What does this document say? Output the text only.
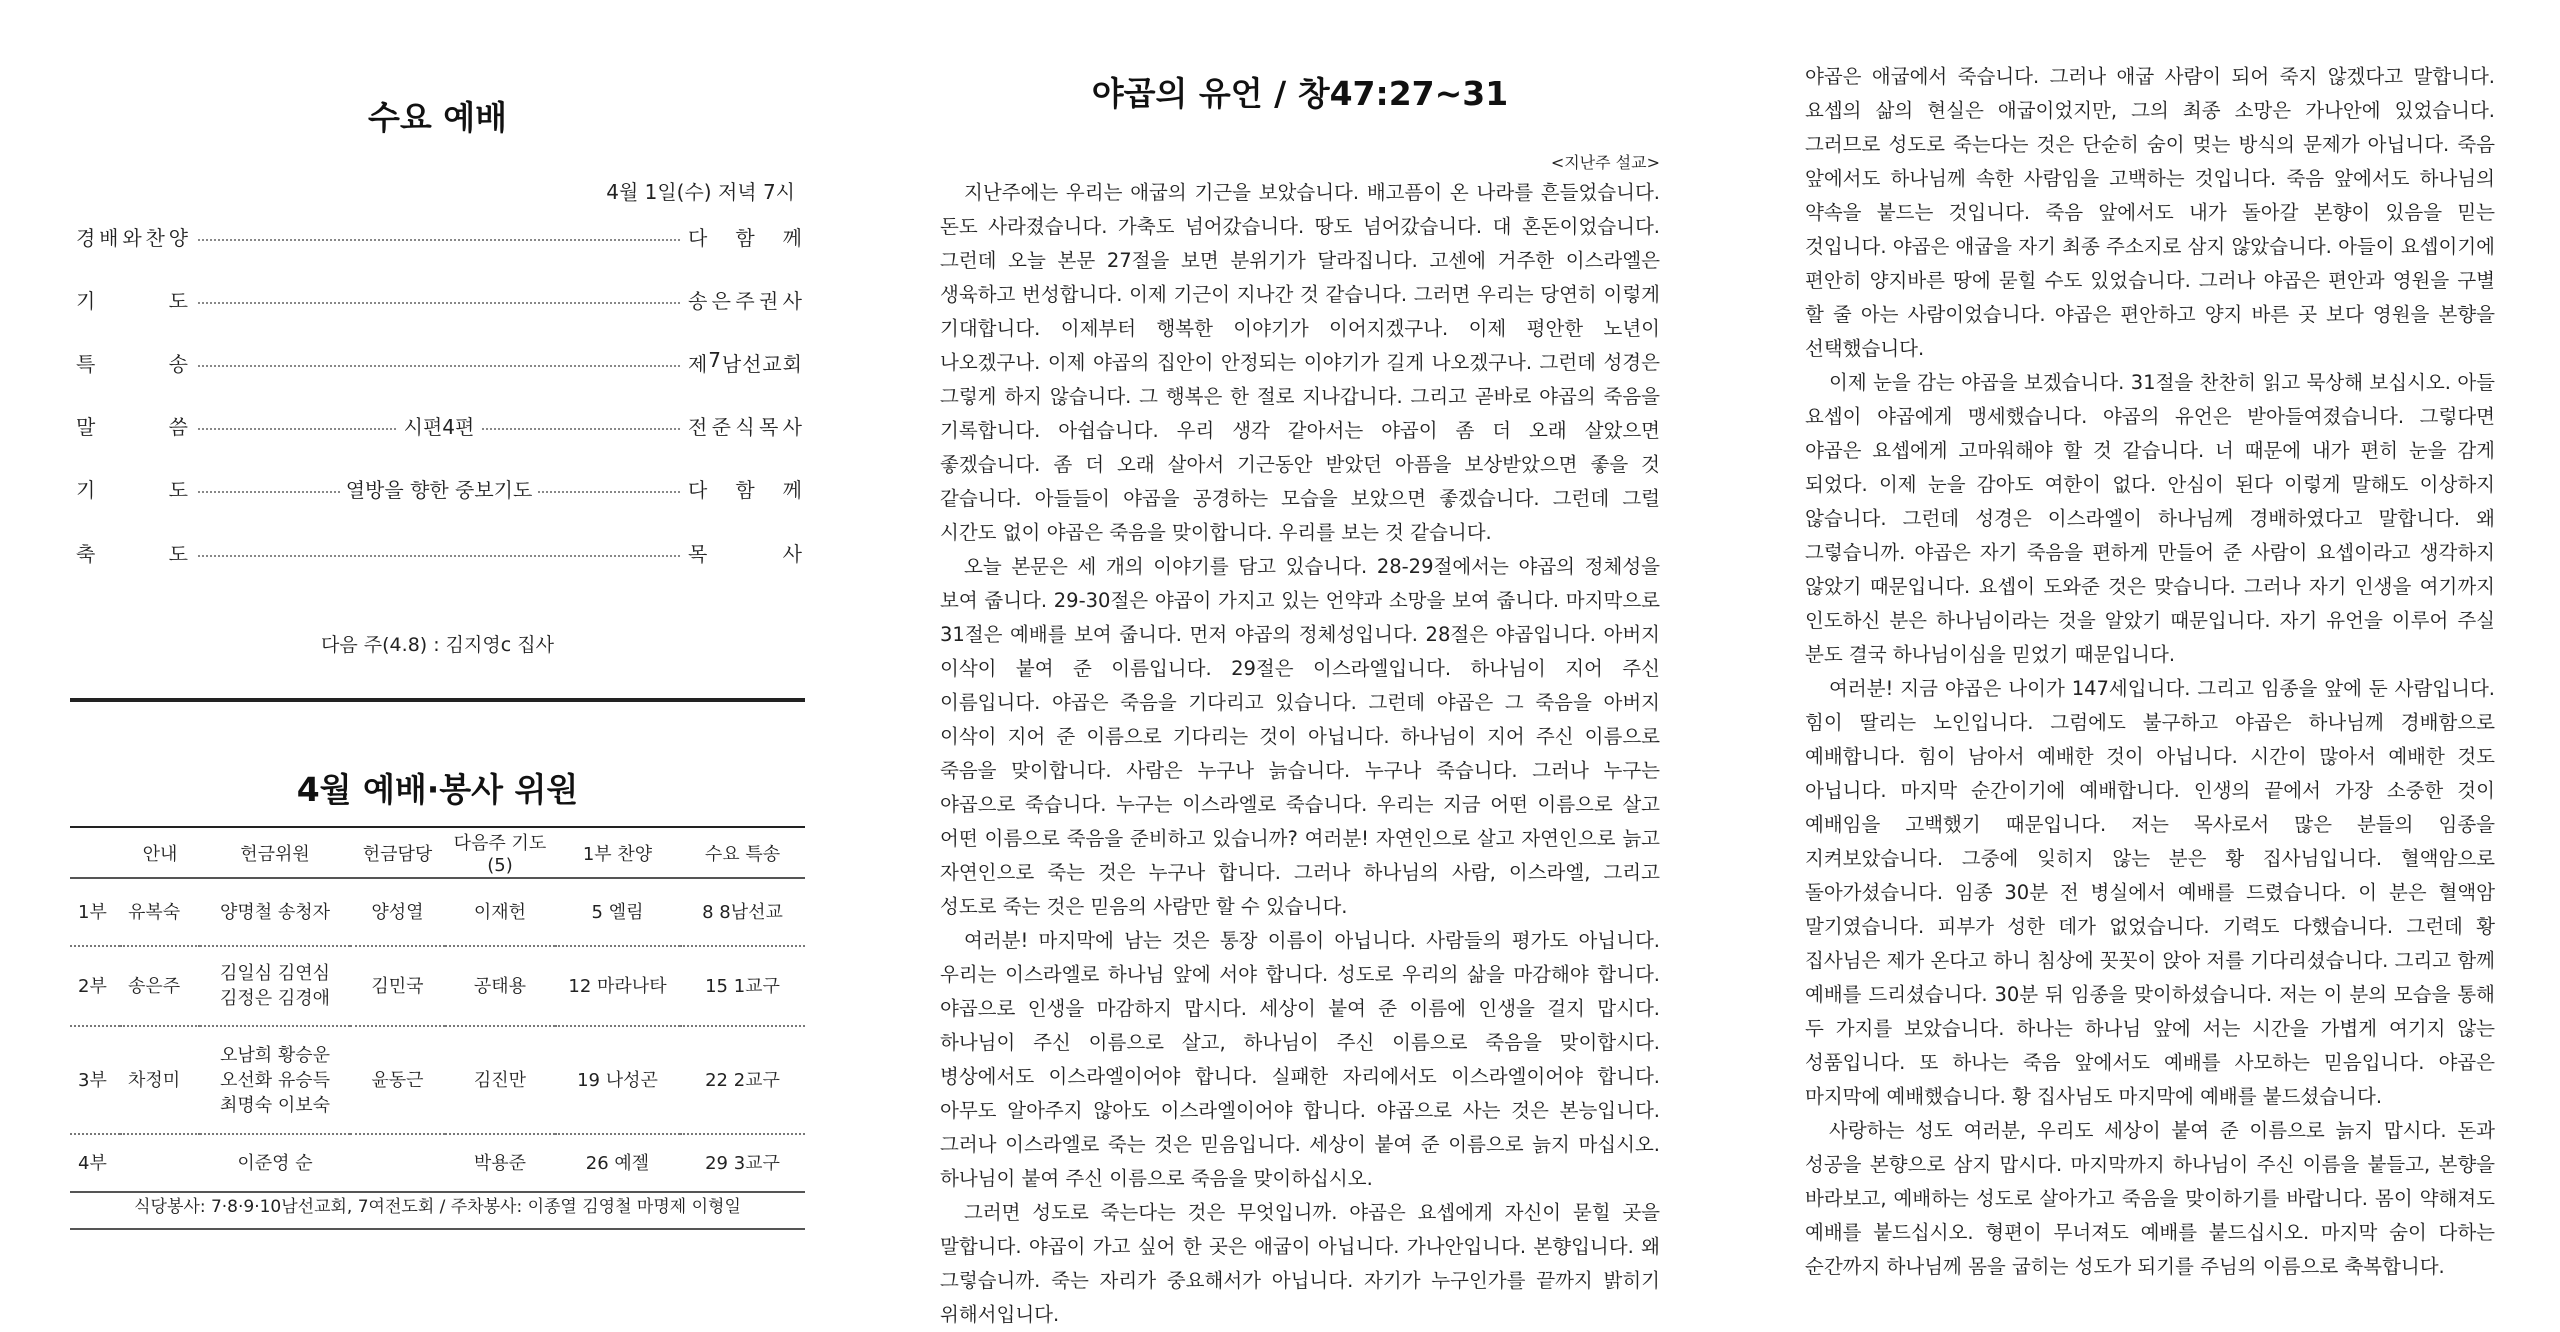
수요 예배
4월 1일(수) 저녁 7시
경 배 와 찬 양	다 함 께
기	도	송 은 주 권 사
특	송	제 7 남 선 교 회
말	씀	시편4편	전 준 식 목 사
기	도	열방을 향한 중보기도	다 함 께
축	도	목	사
다음 주(4.8) : 김지영c 집사
4월 예배·봉사 위원
	안내	헌금위원	헌금담당	다음주 기도(5)	1부 찬양	수요 특송
1부	유복숙	양명철 송청자	양성열	이재헌	5 엘림	8 8남선교
2부	송은주	김일심 김연심
김정은 김경애	김민국	공태용	12 마라나타	15 1교구
3부	차정미	오남희 황승운
오선화 유승득
최명숙 이보숙	윤동근	김진만	19 나성곤	22 2교구
4부		이준영 순		박용준	26 예젤	29 3교구
식당봉사: 7·8·9·10남선교회, 7여전도회 / 주차봉사: 이종열 김영철 마명제 이형일
야곱의 유언 / 창47:27~31
<지난주 설교>

지난주에는 우리는 애굽의 기근을 보았습니다. 배고픔이 온 나라를 흔들었습니다. 돈도 사라졌습니다. 가축도 넘어갔습니다. 땅도 넘어갔습니다. 대 혼돈이었습니다. 그런데 오늘 본문 27절을 보면 분위기가 달라집니다. 고센에 거주한 이스라엘은 생육하고 번성합니다. 이제 기근이 지나간 것 같습니다. 그러면 우리는 당연히 이렇게 기대합니다. 이제부터 행복한 이야기가 이어지겠구나. 이제 평안한 노년이 나오겠구나. 이제 야곱의 집안이 안정되는 이야기가 길게 나오겠구나. 그런데 성경은 그렇게 하지 않습니다. 그 행복은 한 절로 지나갑니다. 그리고 곧바로 야곱의 죽음을 기록합니다. 아쉽습니다. 우리 생각 같아서는 야곱이 좀 더 오래 살았으면 좋겠습니다. 좀 더 오래 살아서 기근동안 받았던 아픔을 보상받았으면 좋을 것 같습니다. 아들들이 야곱을 공경하는 모습을 보았으면 좋겠습니다. 그런데 그럴 시간도 없이 야곱은 죽음을 맞이합니다. 우리를 보는 것 같습니다.

오늘 본문은 세 개의 이야기를 담고 있습니다. 28-29절에서는 야곱의 정체성을 보여 줍니다. 29-30절은 야곱이 가지고 있는 언약과 소망을 보여 줍니다. 마지막으로 31절은 예배를 보여 줍니다. 먼저 야곱의 정체성입니다. 28절은 야곱입니다. 아버지 이삭이 붙여 준 이름입니다. 29절은 이스라엘입니다. 하나님이 지어 주신 이름입니다. 야곱은 죽음을 기다리고 있습니다. 그런데 야곱은 그 죽음을 아버지 이삭이 지어 준 이름으로 기다리는 것이 아닙니다. 하나님이 지어 주신 이름으로 죽음을 맞이합니다. 사람은 누구나 늙습니다. 누구나 죽습니다. 그러나 누구는 야곱으로 죽습니다. 누구는 이스라엘로 죽습니다. 우리는 지금 어떤 이름으로 살고 어떤 이름으로 죽음을 준비하고 있습니까? 여러분! 자연인으로 살고 자연인으로 늙고 자연인으로 죽는 것은 누구나 합니다. 그러나 하나님의 사람, 이스라엘, 그리고 성도로 죽는 것은 믿음의 사람만 할 수 있습니다.

여러분! 마지막에 남는 것은 통장 이름이 아닙니다. 사람들의 평가도 아닙니다. 우리는 이스라엘로 하나님 앞에 서야 합니다. 성도로 우리의 삶을 마감해야 합니다. 야곱으로 인생을 마감하지 맙시다. 세상이 붙여 준 이름에 인생을 걸지 맙시다. 하나님이 주신 이름으로 살고, 하나님이 주신 이름으로 죽음을 맞이합시다. 병상에서도 이스라엘이어야 합니다. 실패한 자리에서도 이스라엘이어야 합니다. 아무도 알아주지 않아도 이스라엘이어야 합니다. 야곱으로 사는 것은 본능입니다. 그러나 이스라엘로 죽는 것은 믿음입니다. 세상이 붙여 준 이름으로 늙지 마십시오. 하나님이 붙여 주신 이름으로 죽음을 맞이하십시오.

그러면 성도로 죽는다는 것은 무엇입니까. 야곱은 요셉에게 자신이 묻힐 곳을 말합니다. 야곱이 가고 싶어 한 곳은 애굽이 아닙니다. 가나안입니다. 본향입니다. 왜 그렇습니까. 죽는 자리가 중요해서가 아닙니다. 자기가 누구인가를 끝까지 밝히기 위해서입니다.

야곱은 애굽에서 죽습니다. 그러나 애굽 사람이 되어 죽지 않겠다고 말합니다. 요셉의 삶의 현실은 애굽이었지만, 그의 최종 소망은 가나안에 있었습니다. 그러므로 성도로 죽는다는 것은 단순히 숨이 멎는 방식의 문제가 아닙니다. 죽음 앞에서도 하나님께 속한 사람임을 고백하는 것입니다. 죽음 앞에서도 하나님의 약속을 붙드는 것입니다. 죽음 앞에서도 내가 돌아갈 본향이 있음을 믿는 것입니다. 야곱은 애굽을 자기 최종 주소지로 삼지 않았습니다. 아들이 요셉이기에 편안히 양지바른 땅에 묻힐 수도 있었습니다. 그러나 야곱은 편안과 영원을 구별 할 줄 아는 사람이었습니다. 야곱은 편안하고 양지 바른 곳 보다 영원을 본향을 선택했습니다.

이제 눈을 감는 야곱을 보겠습니다. 31절을 찬찬히 읽고 묵상해 보십시오. 아들 요셉이 야곱에게 맹세했습니다. 야곱의 유언은 받아들여졌습니다. 그렇다면 야곱은 요셉에게 고마워해야 할 것 같습니다. 너 때문에 내가 편히 눈을 감게 되었다. 이제 눈을 감아도 여한이 없다. 안심이 된다 이렇게 말해도 이상하지 않습니다. 그런데 성경은 이스라엘이 하나님께 경배하였다고 말합니다. 왜 그렇습니까. 야곱은 자기 죽음을 편하게 만들어 준 사람이 요셉이라고 생각하지 않았기 때문입니다. 요셉이 도와준 것은 맞습니다. 그러나 자기 인생을 여기까지 인도하신 분은 하나님이라는 것을 알았기 때문입니다. 자기 유언을 이루어 주실 분도 결국 하나님이심을 믿었기 때문입니다.

여러분! 지금 야곱은 나이가 147세입니다. 그리고 임종을 앞에 둔 사람입니다. 힘이 딸리는 노인입니다. 그럼에도 불구하고 야곱은 하나님께 경배함으로 예배합니다. 힘이 남아서 예배한 것이 아닙니다. 시간이 많아서 예배한 것도 아닙니다. 마지막 순간이기에 예배합니다. 인생의 끝에서 가장 소중한 것이 예배임을 고백했기 때문입니다. 저는 목사로서 많은 분들의 임종을 지켜보았습니다. 그중에 잊히지 않는 분은 황 집사님입니다. 혈액암으로 돌아가셨습니다. 임종 30분 전 병실에서 예배를 드렸습니다. 이 분은 혈액암 말기였습니다. 피부가 성한 데가 없었습니다. 기력도 다했습니다. 그런데 황 집사님은 제가 온다고 하니 침상에 꼿꼿이 앉아 저를 기다리셨습니다. 그리고 함께 예배를 드리셨습니다. 30분 뒤 임종을 맞이하셨습니다. 저는 이 분의 모습을 통해 두 가지를 보았습니다. 하나는 하나님 앞에 서는 시간을 가볍게 여기지 않는 성품입니다. 또 하나는 죽음 앞에서도 예배를 사모하는 믿음입니다. 야곱은 마지막에 예배했습니다. 황 집사님도 마지막에 예배를 붙드셨습니다.

사랑하는 성도 여러분, 우리도 세상이 붙여 준 이름으로 늙지 맙시다. 돈과 성공을 본향으로 삼지 맙시다. 마지막까지 하나님이 주신 이름을 붙들고, 본향을 바라보고, 예배하는 성도로 살아가고 죽음을 맞이하기를 바랍니다. 몸이 약해져도 예배를 붙드십시오. 형편이 무너져도 예배를 붙드십시오. 마지막 숨이 다하는 순간까지 하나님께 몸을 굽히는 성도가 되기를 주님의 이름으로 축복합니다.
